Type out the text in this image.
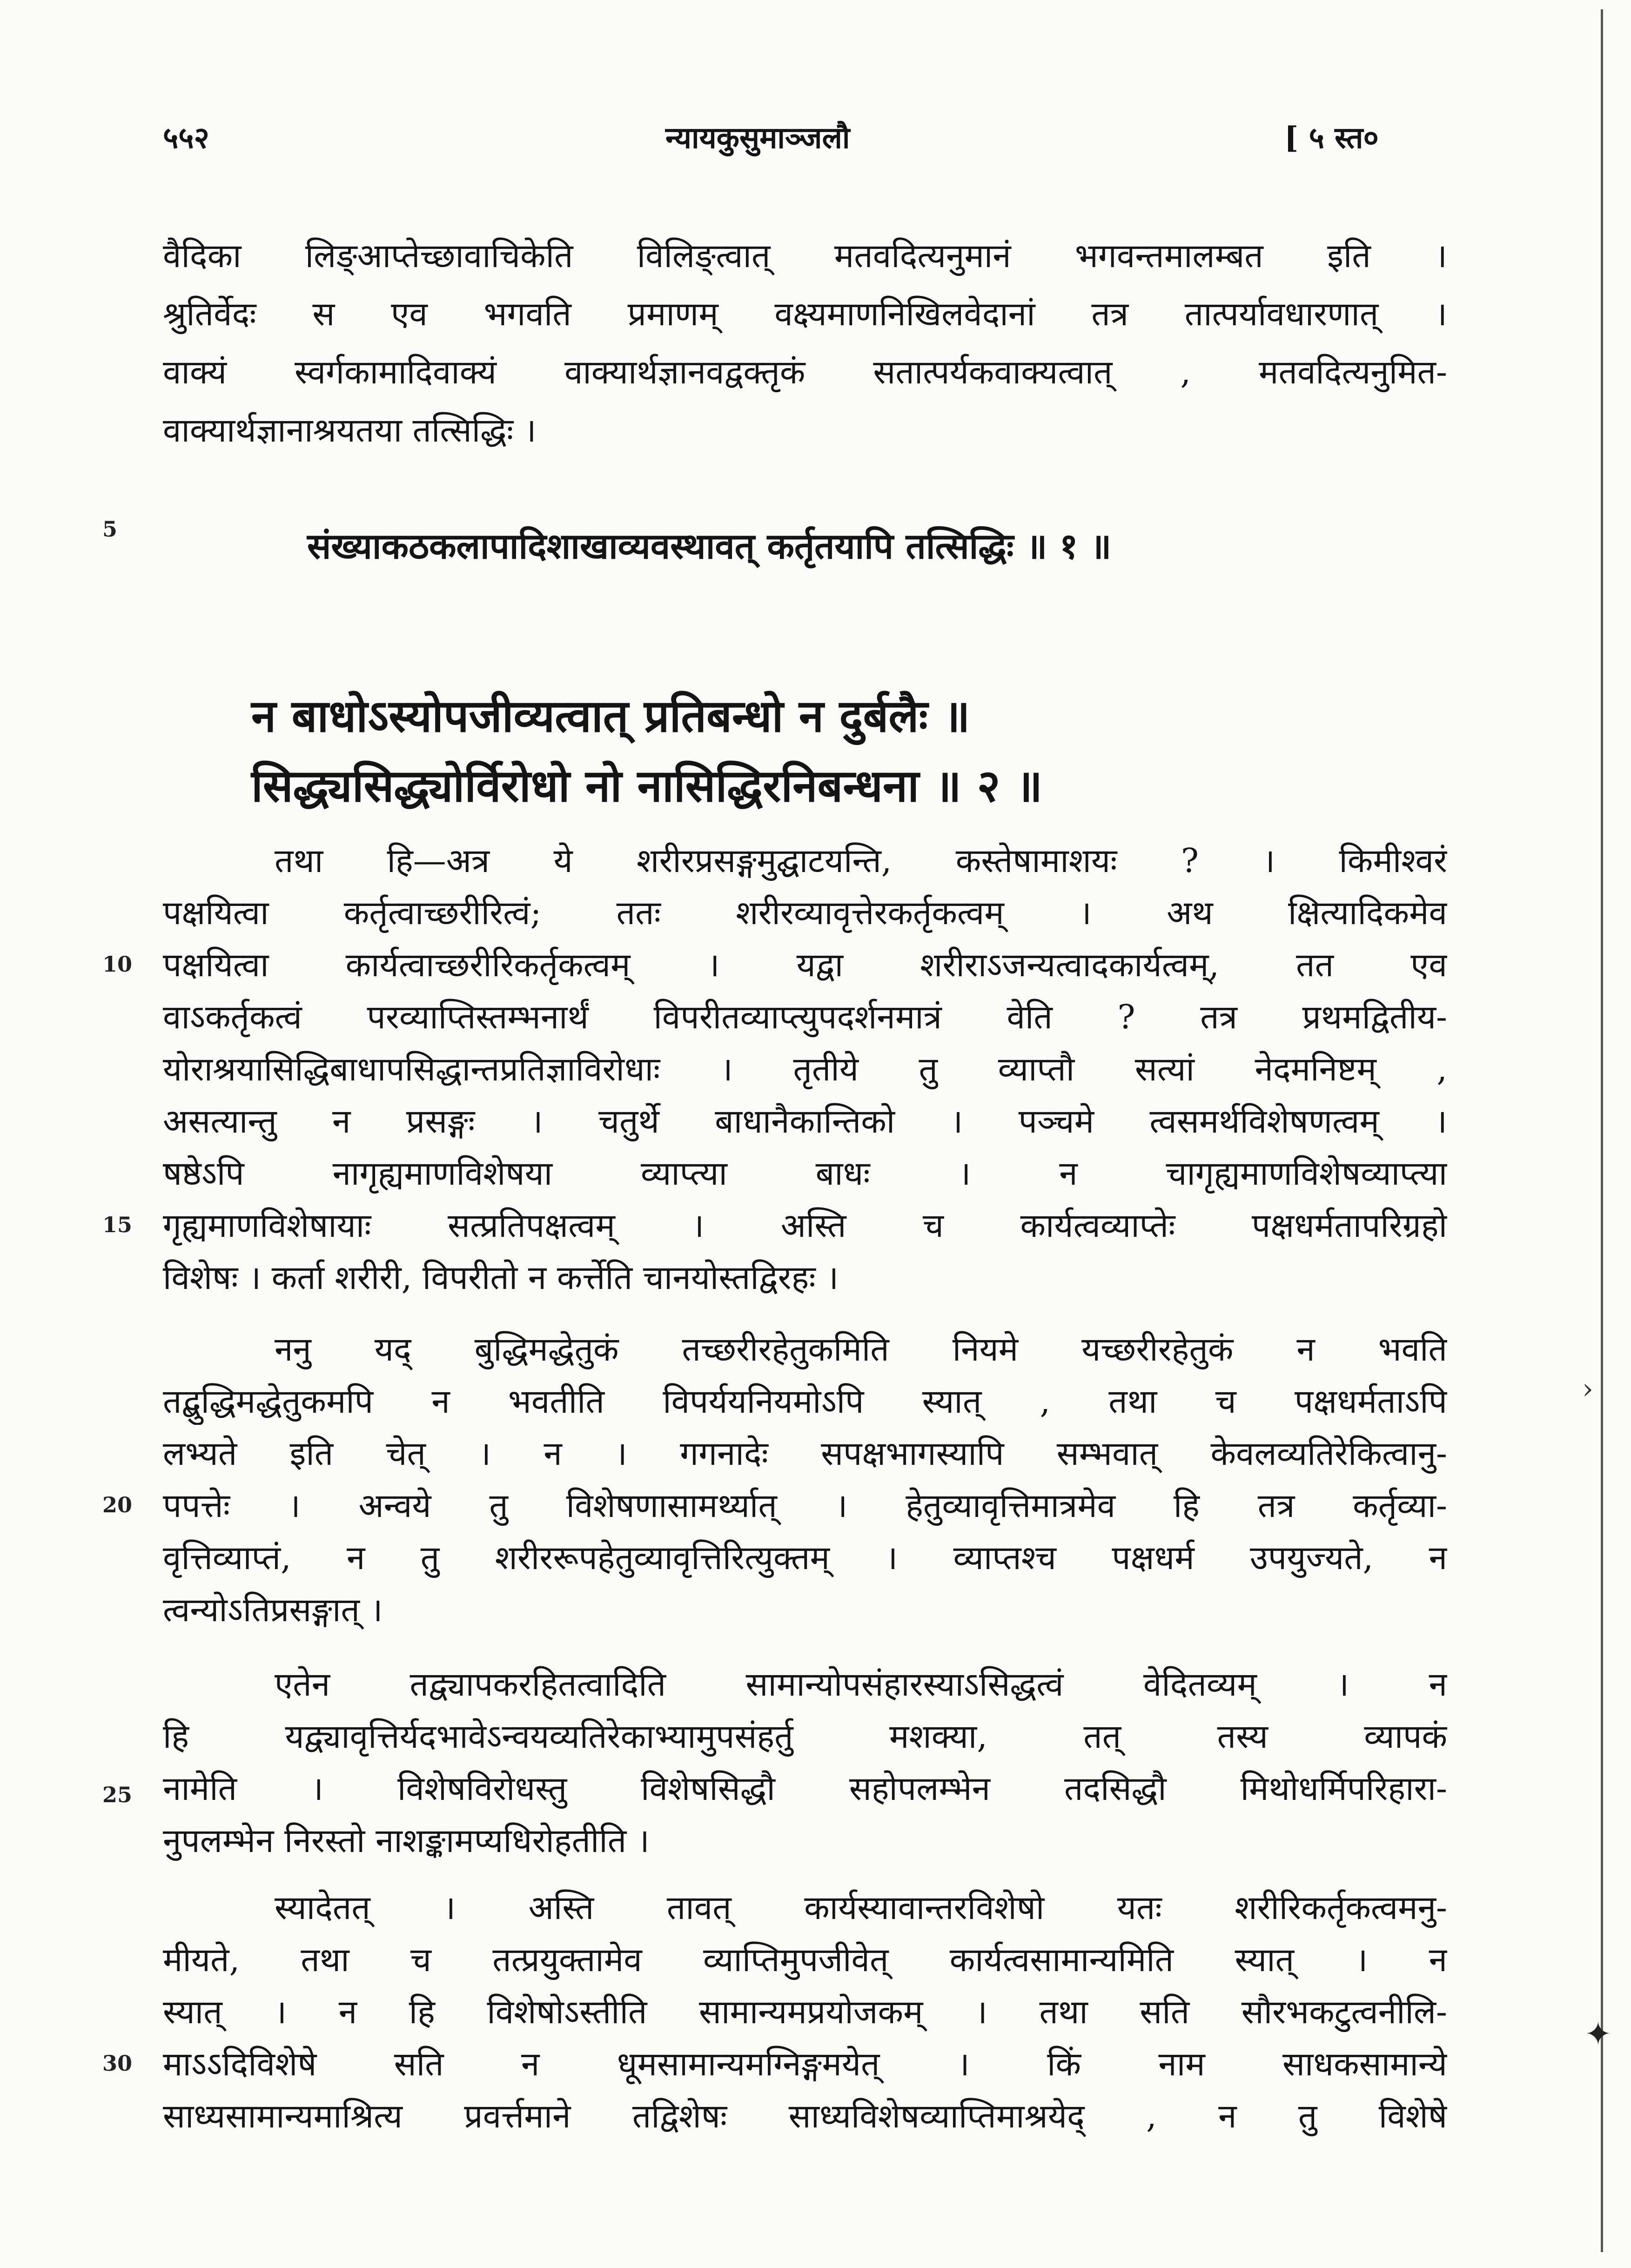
›
✦
५५२	न्यायकुसुमाञ्जलौ	[ ५ स्त०
वैदिका लिङ्आप्तेच्छावाचिकेति विलिङ्त्वात् मतवदित्यनुमानं भगवन्तमालम्बत इति ।
श्रुतिर्वेदः स एव भगवति प्रमाणम् वक्ष्यमाणनिखिलवेदानां तत्र तात्पर्यावधारणात् ।
वाक्यं स्वर्गकामादिवाक्यं वाक्यार्थज्ञानवद्वक्तृकं सतात्पर्यकवाक्यत्वात् , मतवदित्यनुमित-
वाक्यार्थज्ञानाश्रयतया तत्सिद्धिः ।
5	संख्याकठकलापादिशाखाव्यवस्थावत् कर्तृतयापि तत्सिद्धिः ॥ १ ॥
न बाधोऽस्योपजीव्यत्वात् प्रतिबन्धो न दुर्बलैः ॥
सिद्ध्यसिद्ध्योर्विरोधो नो नासिद्धिरनिबन्धना ॥ २ ॥
तथा हि—अत्र ये शरीरप्रसङ्गमुद्घाटयन्ति, कस्तेषामाशयः ? । किमीश्वरं
पक्षयित्वा कर्तृत्वाच्छरीरित्वं; ततः शरीरव्यावृत्तेरकर्तृकत्वम् । अथ क्षित्यादिकमेव
10 पक्षयित्वा कार्यत्वाच्छरीरिकर्तृकत्वम् । यद्वा शरीराऽजन्यत्वादकार्यत्वम्, तत एव
वाऽकर्तृकत्वं परव्याप्तिस्तम्भनार्थं विपरीतव्याप्त्युपदर्शनमात्रं वेति ? तत्र प्रथमद्वितीय-
योराश्रयासिद्धिबाधापसिद्धान्तप्रतिज्ञाविरोधाः । तृतीये तु व्याप्तौ सत्यां नेदमनिष्टम् ,
असत्यान्तु न प्रसङ्गः । चतुर्थे बाधानैकान्तिको । पञ्चमे त्वसमर्थविशेषणत्वम् ।
षष्ठेऽपि नागृह्यमाणविशेषया व्याप्त्या बाधः । न चागृह्यमाणविशेषव्याप्त्या
15 गृह्यमाणविशेषायाः सत्प्रतिपक्षत्वम् । अस्ति च कार्यत्वव्याप्तेः पक्षधर्मतापरिग्रहो
विशेषः । कर्ता शरीरी, विपरीतो न कर्त्तेति चानयोस्तद्विरहः ।
ननु यद् बुद्धिमद्धेतुकं तच्छरीरहेतुकमिति नियमे यच्छरीरहेतुकं न भवति
तद्बुद्धिमद्धेतुकमपि न भवतीति विपर्ययनियमोऽपि स्यात् , तथा च पक्षधर्मताऽपि
लभ्यते इति चेत् । न । गगनादेः सपक्षभागस्यापि सम्भवात् केवलव्यतिरेकित्वानु-
20 पपत्तेः । अन्वये तु विशेषणासामर्थ्यात् । हेतुव्यावृत्तिमात्रमेव हि तत्र कर्तृव्या-
वृत्तिव्याप्तं, न तु शरीररूपहेतुव्यावृत्तिरित्युक्तम् । व्याप्तश्च पक्षधर्म उपयुज्यते, न
त्वन्योऽतिप्रसङ्गात् ।
एतेन तद्व्यापकरहितत्वादिति सामान्योपसंहारस्याऽसिद्धत्वं वेदितव्यम् । न
हि यद्व्यावृत्तिर्यदभावेऽन्वयव्यतिरेकाभ्यामुपसंहर्तु मशक्या, तत् तस्य व्यापकं
25 नामेति । विशेषविरोधस्तु विशेषसिद्धौ सहोपलम्भेन तदसिद्धौ मिथोधर्मिपरिहारा-
नुपलम्भेन निरस्तो नाशङ्कामप्यधिरोहतीति ।
स्यादेतत् । अस्ति तावत् कार्यस्यावान्तरविशेषो यतः शरीरिकर्तृकत्वमनु-
मीयते, तथा च तत्प्रयुक्तामेव व्याप्तिमुपजीवेत् कार्यत्वसामान्यमिति स्यात् । न
स्यात् । न हि विशेषोऽस्तीति सामान्यमप्रयोजकम् । तथा सति सौरभकटुत्वनीलि-
30 माऽऽदिविशेषे सति न धूमसामान्यमग्निङ्गमयेत् । किं नाम साधकसामान्ये
साध्यसामान्यमाश्रित्य प्रवर्त्तमाने तद्विशेषः साध्यविशेषव्याप्तिमाश्रयेद् , न तु विशेषे
